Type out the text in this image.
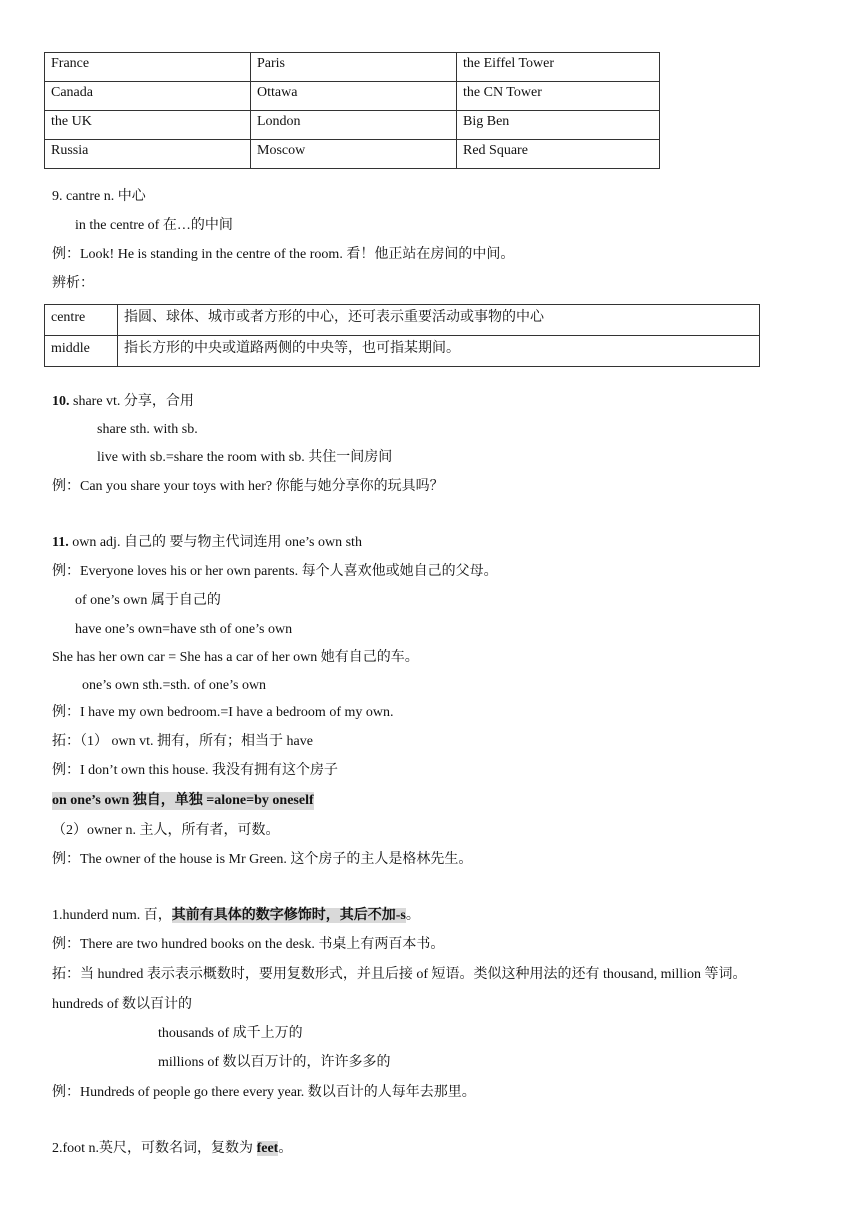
France	Paris	the Eiffel Tower
Canada	Ottawa	the CN Tower
the UK	London	Big Ben
Russia	Moscow	Red Square
9. cantre n. 中心
in the centre of 在…的中间
例：Look! He is standing in the centre of the room. 看！他正站在房间的中间。
辨析：
centre	指圆、球体、城市或者方形的中心，还可表示重要活动或事物的中心
middle	指长方形的中央或道路两侧的中央等，也可指某期间。
10. share vt. 分享，合用
share sth. with sb.
live with sb.=share the room with sb. 共住一间房间
例：Can you share your toys with her? 你能与她分享你的玩具吗？
11. own adj. 自己的 要与物主代词连用 one’s own sth
例：Everyone loves his or her own parents. 每个人喜欢他或她自己的父母。
of one’s own 属于自己的
have one’s own=have sth of one’s own
She has her own car = She has a car of her own 她有自己的车。
one’s own sth.=sth. of one’s own
例：I have my own bedroom.=I have a bedroom of my own.
拓：（1） own vt. 拥有，所有；相当于 have
例：I don’t own this house. 我没有拥有这个房子
on one’s own 独自，单独 =alone=by oneself
（2）owner n. 主人，所有者，可数。
例：The owner of the house is Mr Green. 这个房子的主人是格林先生。
1.hunderd num. 百，其前有具体的数字修饰时，其后不加-s。
例：There are two hundred books on the desk. 书桌上有两百本书。
拓：当 hundred 表示表示概数时，要用复数形式，并且后接 of 短语。类似这种用法的还有 thousand, million 等词。
hundreds of 数以百计的
thousands of 成千上万的
millions of 数以百万计的，许许多多的
例：Hundreds of people go there every year. 数以百计的人每年去那里。
2.foot n.英尺，可数名词，复数为 feet。
